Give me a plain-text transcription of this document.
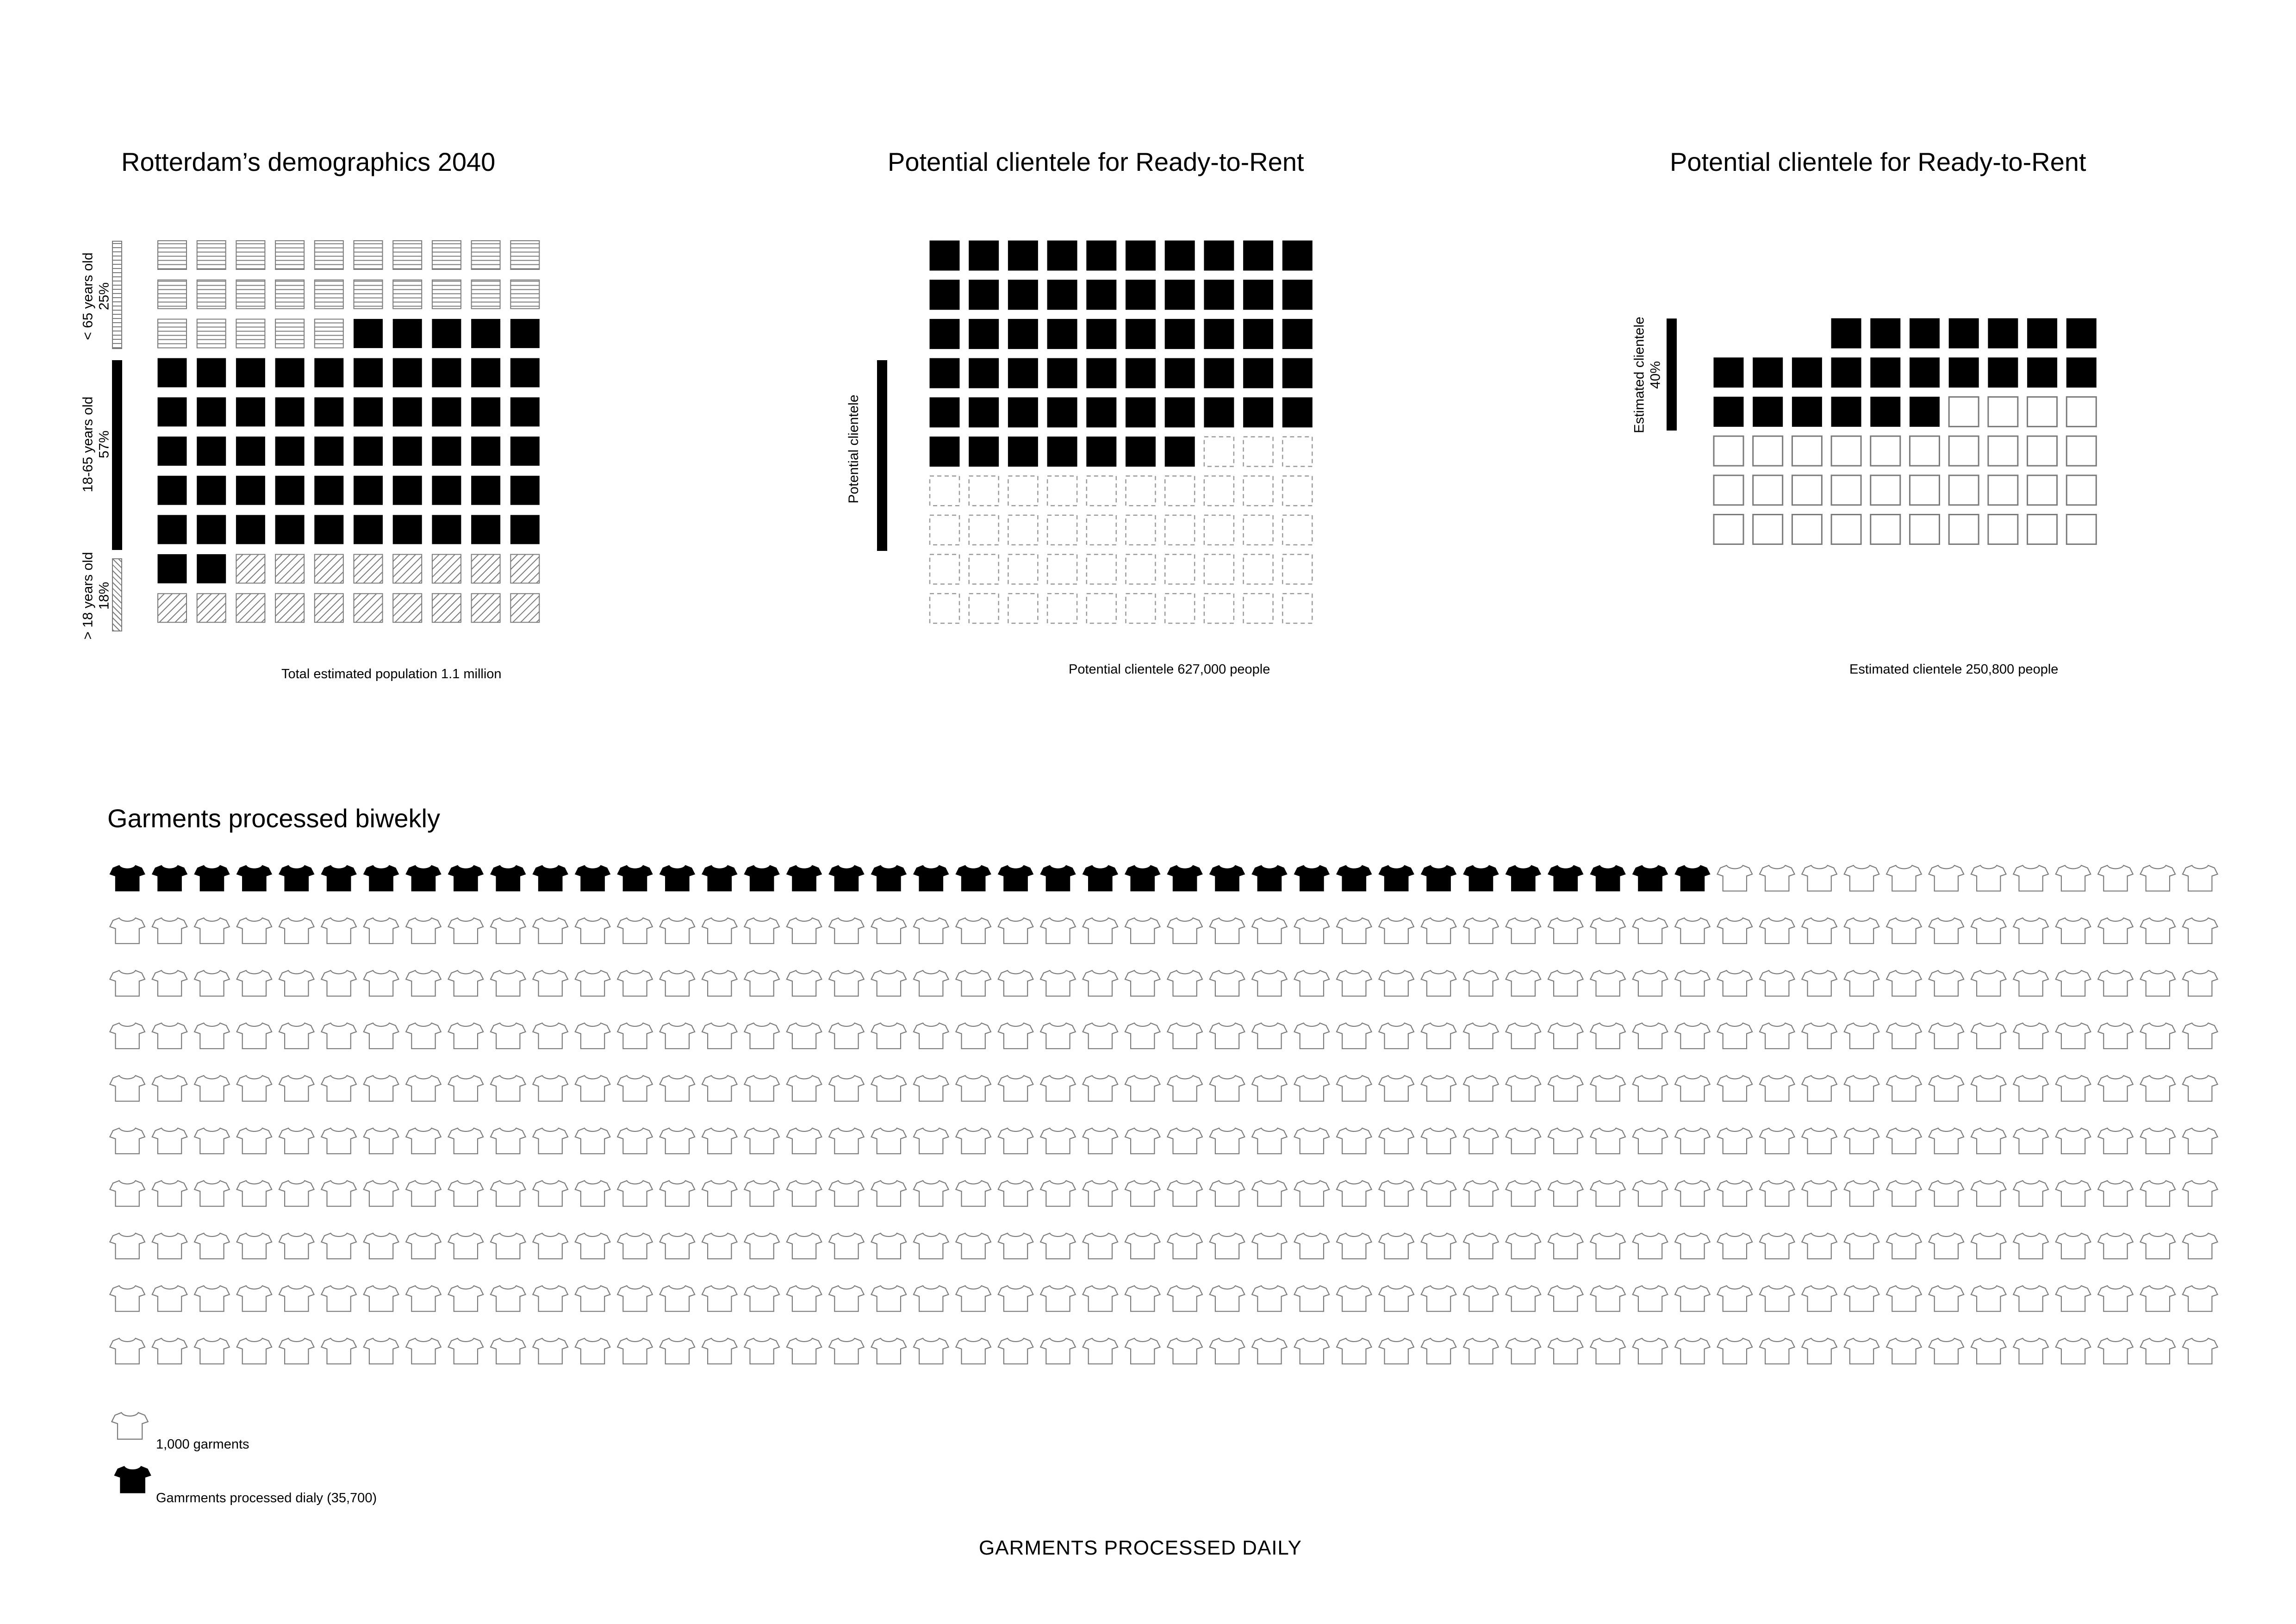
Rotterdam’s demographics 2040
< 65 years old
25%
18-65 years old
57%
> 18 years old
18%
Total estimated population 1.1 million
Potential clientele for Ready-to-Rent
Potential clientele
Potential clientele 627,000 people
Potential clientele for Ready-to-Rent
Estimated clientele
40%
Estimated clientele 250,800 people
Garments processed biwekly
1,000 garments
Gamrments processed dialy (35,700)
GARMENTS PROCESSED DAILY
